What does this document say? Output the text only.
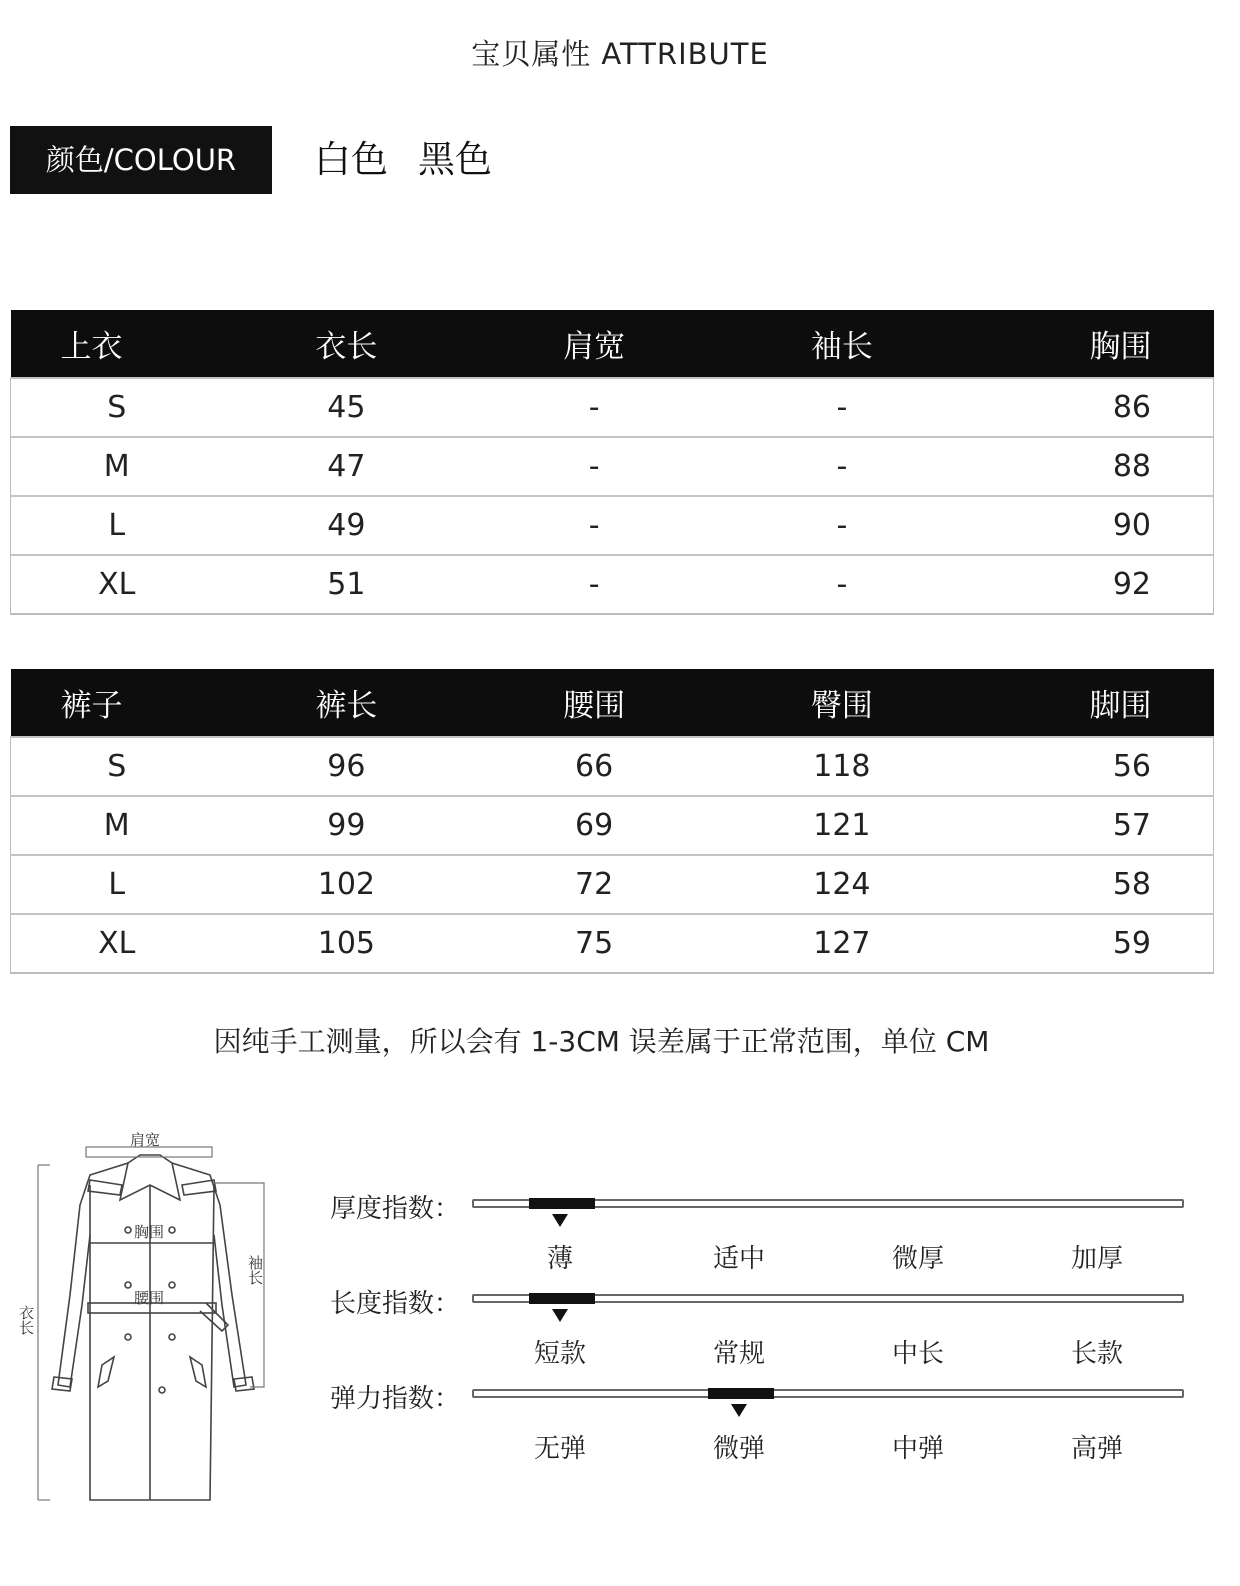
宝贝属性 ATTRIBUTE
颜色/COLOUR	白色 黑色
上衣	衣长	肩宽	袖长	胸围
S	45	-	-	86
M	47	-	-	88
L	49	-	-	90
XL	51	-	-	92
裤子	裤长	腰围	臀围	脚围
S	96	66	118	56
M	99	69	121	57
L	102	72	124	58
XL	105	75	127	59
因纯手工测量，所以会有 1-3CM 误差属于正常范围，单位 CM
肩宽
胸围
腰围
袖长
衣长
厚度指数：
薄	适中	微厚	加厚
长度指数：
短款	常规	中长	长款
弹力指数：
无弹	微弹	中弹	高弹
